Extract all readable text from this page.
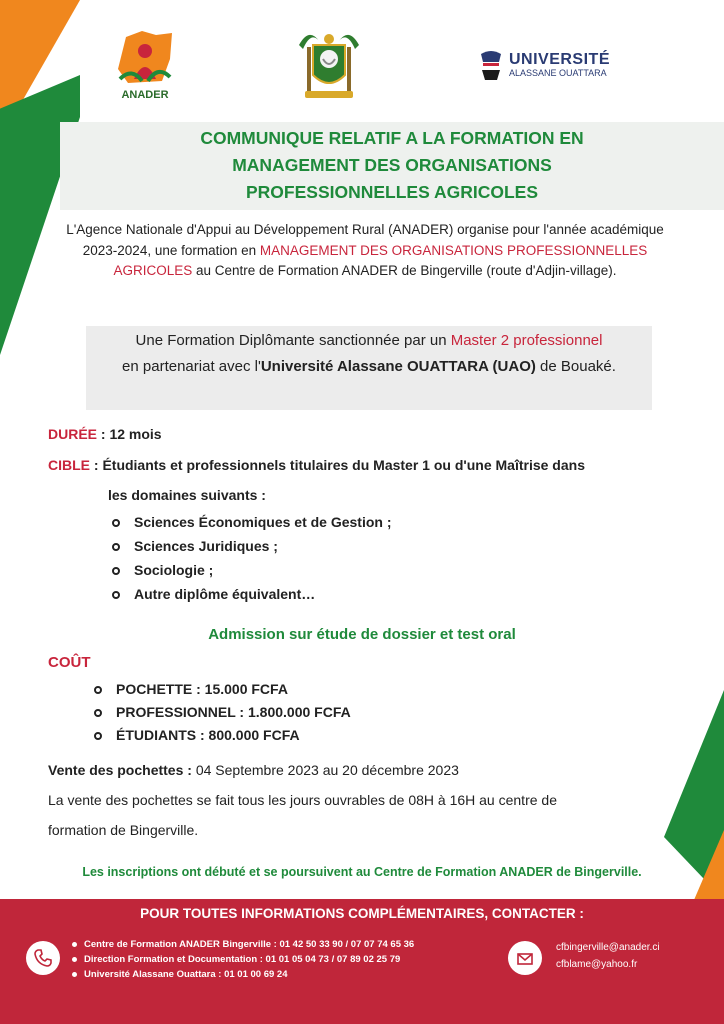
ANADER
UNIVERSITÉ
ALASSANE OUATTARA
COMMUNIQUE RELATIF A LA FORMATION EN
MANAGEMENT DES ORGANISATIONS
PROFESSIONNELLES AGRICOLES
L'Agence Nationale d'Appui au Développement Rural (ANADER) organise pour l'année académique 2023-2024, une formation en MANAGEMENT DES ORGANISATIONS PROFESSIONNELLES AGRICOLES au Centre de Formation ANADER de Bingerville (route d'Adjin-village).
Une Formation Diplômante sanctionnée par un Master 2 professionnel
en partenariat avec l'Université Alassane OUATTARA (UAO) de Bouaké.
DURÉE : 12 mois
CIBLE : Étudiants et professionnels titulaires du Master 1 ou d'une Maîtrise dans
les domaines suivants :
Sciences Économiques et de Gestion ;
Sciences Juridiques ;
Sociologie ;
Autre diplôme équivalent…
Admission sur étude de dossier et test oral
COÛT
POCHETTE : 15.000 FCFA
PROFESSIONNEL : 1.800.000 FCFA
ÉTUDIANTS : 800.000 FCFA
Vente des pochettes : 04 Septembre 2023 au 20 décembre 2023
La vente des pochettes se fait tous les jours ouvrables de 08H à 16H au centre de
formation de Bingerville.
Les inscriptions ont débuté et se poursuivent au Centre de Formation ANADER de Bingerville.
POUR TOUTES INFORMATIONS COMPLÉMENTAIRES, CONTACTER :
Centre de Formation ANADER Bingerville : 01 42 50 33 90 / 07 07 74 65 36
Direction Formation et Documentation : 01 01 05 04 73 / 07 89 02 25 79
Université Alassane Ouattara : 01 01 00 69 24
cfbingerville@anader.ci
cfblame@yahoo.fr
